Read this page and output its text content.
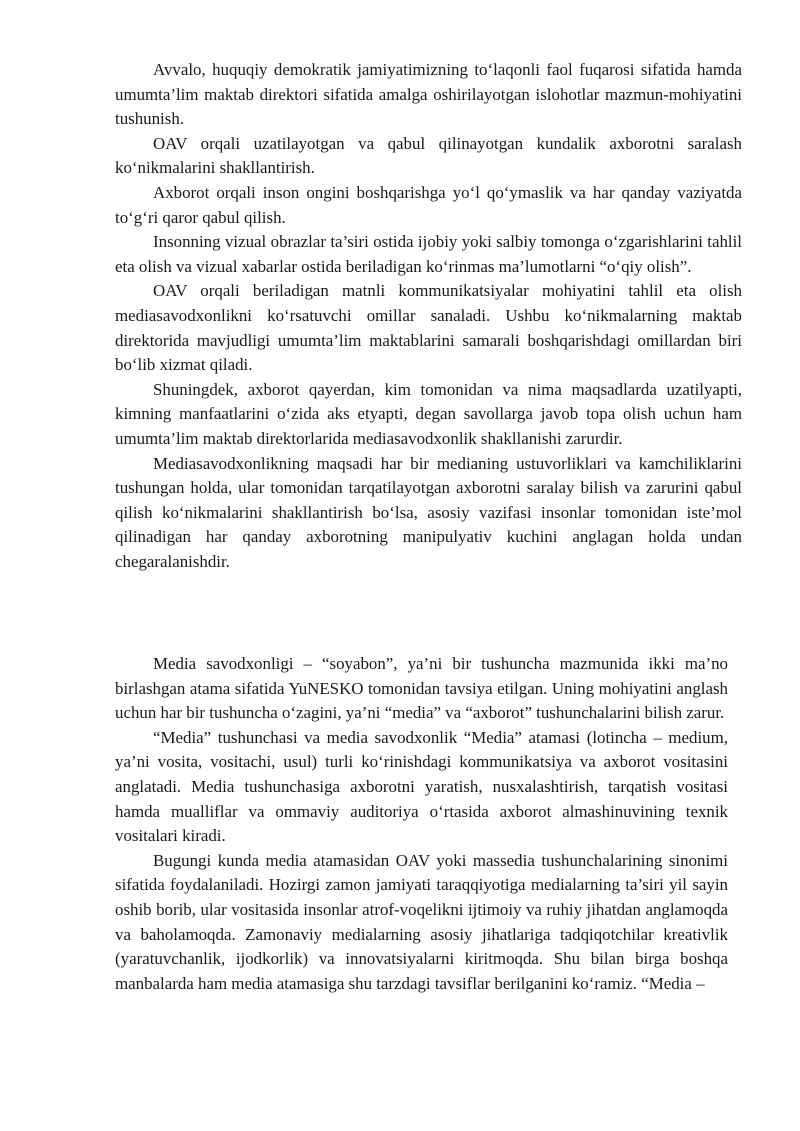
Avvalo, huquqiy demokratik jamiyatimizning to‘laqonli faol fuqarosi sifatida hamda umumta’lim maktab direktori sifatida amalga oshirilayotgan islohotlar mazmun-mohiyatini tushunish.

OAV orqali uzatilayotgan va qabul qilinayotgan kundalik axborotni saralash ko‘nikmalarini shakllantirish.

Axborot orqali inson ongini boshqarishga yo‘l qo‘ymaslik va har qanday vaziyatda to‘g‘ri qaror qabul qilish.

Insonning vizual obrazlar ta’siri ostida ijobiy yoki salbiy tomonga o‘zgarishlarini tahlil eta olish va vizual xabarlar ostida beriladigan ko‘rinmas ma’lumotlarni “o‘qiy olish”.

OAV orqali beriladigan matnli kommunikatsiyalar mohiyatini tahlil eta olish mediasavodxonlikni ko‘rsatuvchi omillar sanaladi. Ushbu ko‘nikmalarning maktab direktorida mavjudligi umumta’lim maktablarini samarali boshqarishdagi omillardan biri bo‘lib xizmat qiladi.

Shuningdek, axborot qayerdan, kim tomonidan va nima maqsadlarda uzatilyapti, kimning manfaatlarini o‘zida aks etyapti, degan savollarga javob topa olish uchun ham umumta’lim maktab direktorlarida mediasavodxonlik shakllanishi zarurdir.

Mediasavodxonlikning maqsadi har bir medianing ustuvorliklari va kamchiliklarini tushungan holda, ular tomonidan tarqatilayotgan axborotni saralay bilish va zarurini qabul qilish ko‘nikmalarini shakllantirish bo‘lsa, asosiy vazifasi insonlar tomonidan iste’mol qilinadigan har qanday axborotning manipulyativ kuchini anglagan holda undan chegaralanishdir.

Media savodxonligi – “soyabon”, ya’ni bir tushuncha mazmunida ikki ma’no birlashgan atama sifatida YuNESKO tomonidan tavsiya etilgan. Uning mohiyatini anglash uchun har bir tushuncha o‘zagini, ya’ni “media” va “axborot” tushunchalarini bilish zarur.

“Media” tushunchasi va media savodxonlik “Media” atamasi (lotincha – medium, ya’ni vosita, vositachi, usul) turli ko‘rinishdagi kommunikatsiya va axborot vositasini anglatadi. Media tushunchasiga axborotni yaratish, nusxalashtirish, tarqatish vositasi hamda mualliflar va ommaviy auditoriya o‘rtasida axborot almashinuvining texnik vositalari kiradi.

Bugungi kunda media atamasidan OAV yoki massedia tushunchalarining sinonimi sifatida foydalaniladi. Hozirgi zamon jamiyati taraqqiyotiga medialarning ta’siri yil sayin oshib borib, ular vositasida insonlar atrof-voqelikni ijtimoiy va ruhiy jihatdan anglamoqda va baholamoqda. Zamonaviy medialarning asosiy jihatlariga tadqiqotchilar kreativlik (yaratuvchanlik, ijodkorlik) va innovatsiyalarni kiritmoqda. Shu bilan birga boshqa manbalarda ham media atamasiga shu tarzdagi tavsiflar berilganini ko‘ramiz. “Media –
